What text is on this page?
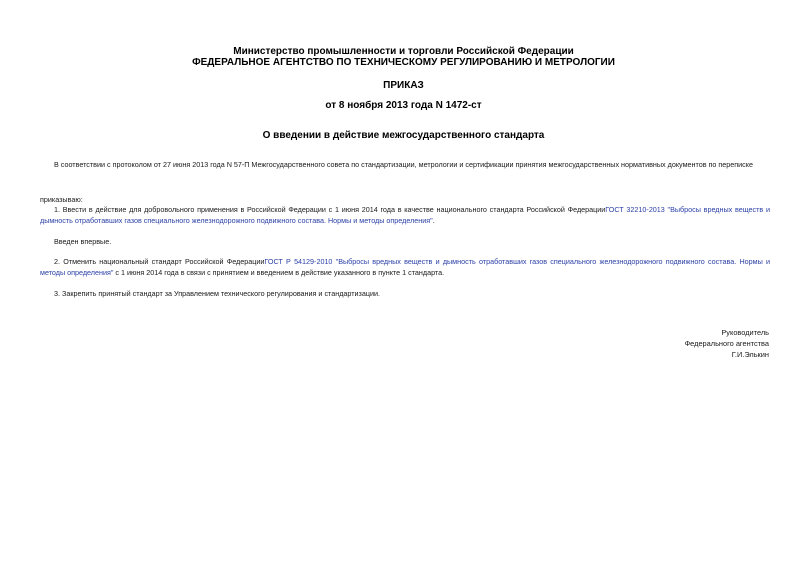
Министерство промышленности и торговли Российской Федерации
ФЕДЕРАЛЬНОЕ АГЕНТСТВО ПО ТЕХНИЧЕСКОМУ РЕГУЛИРОВАНИЮ И МЕТРОЛОГИИ
ПРИКАЗ
от 8 ноября 2013 года N 1472-ст
О введении в действие межгосударственного стандарта
В соответствии с протоколом от 27 июня 2013 года N 57-П Межгосударственного совета по стандартизации, метрологии и сертификации принятия межгосударственных нормативных документов по переписке
приказываю:
1. Ввести в действие для добровольного применения в Российской Федерации с 1 июня 2014 года в качестве национального стандарта Российской ФедерацииГОСТ 32210-2013 "Выбросы вредных веществ и дымность отработавших газов специального железнодорожного подвижного состава. Нормы и методы определения".
Введен впервые.
2. Отменить национальный стандарт Российской ФедерацииГОСТ Р 54129-2010 "Выбросы вредных веществ и дымность отработавших газов специального железнодорожного подвижного состава. Нормы и методы определения" с 1 июня 2014 года в связи с принятием и введением в действие указанного в пункте 1 стандарта.
3. Закрепить принятый стандарт за Управлением технического регулирования и стандартизации.
Руководитель
Федерального агентства
Г.И.Элькин
